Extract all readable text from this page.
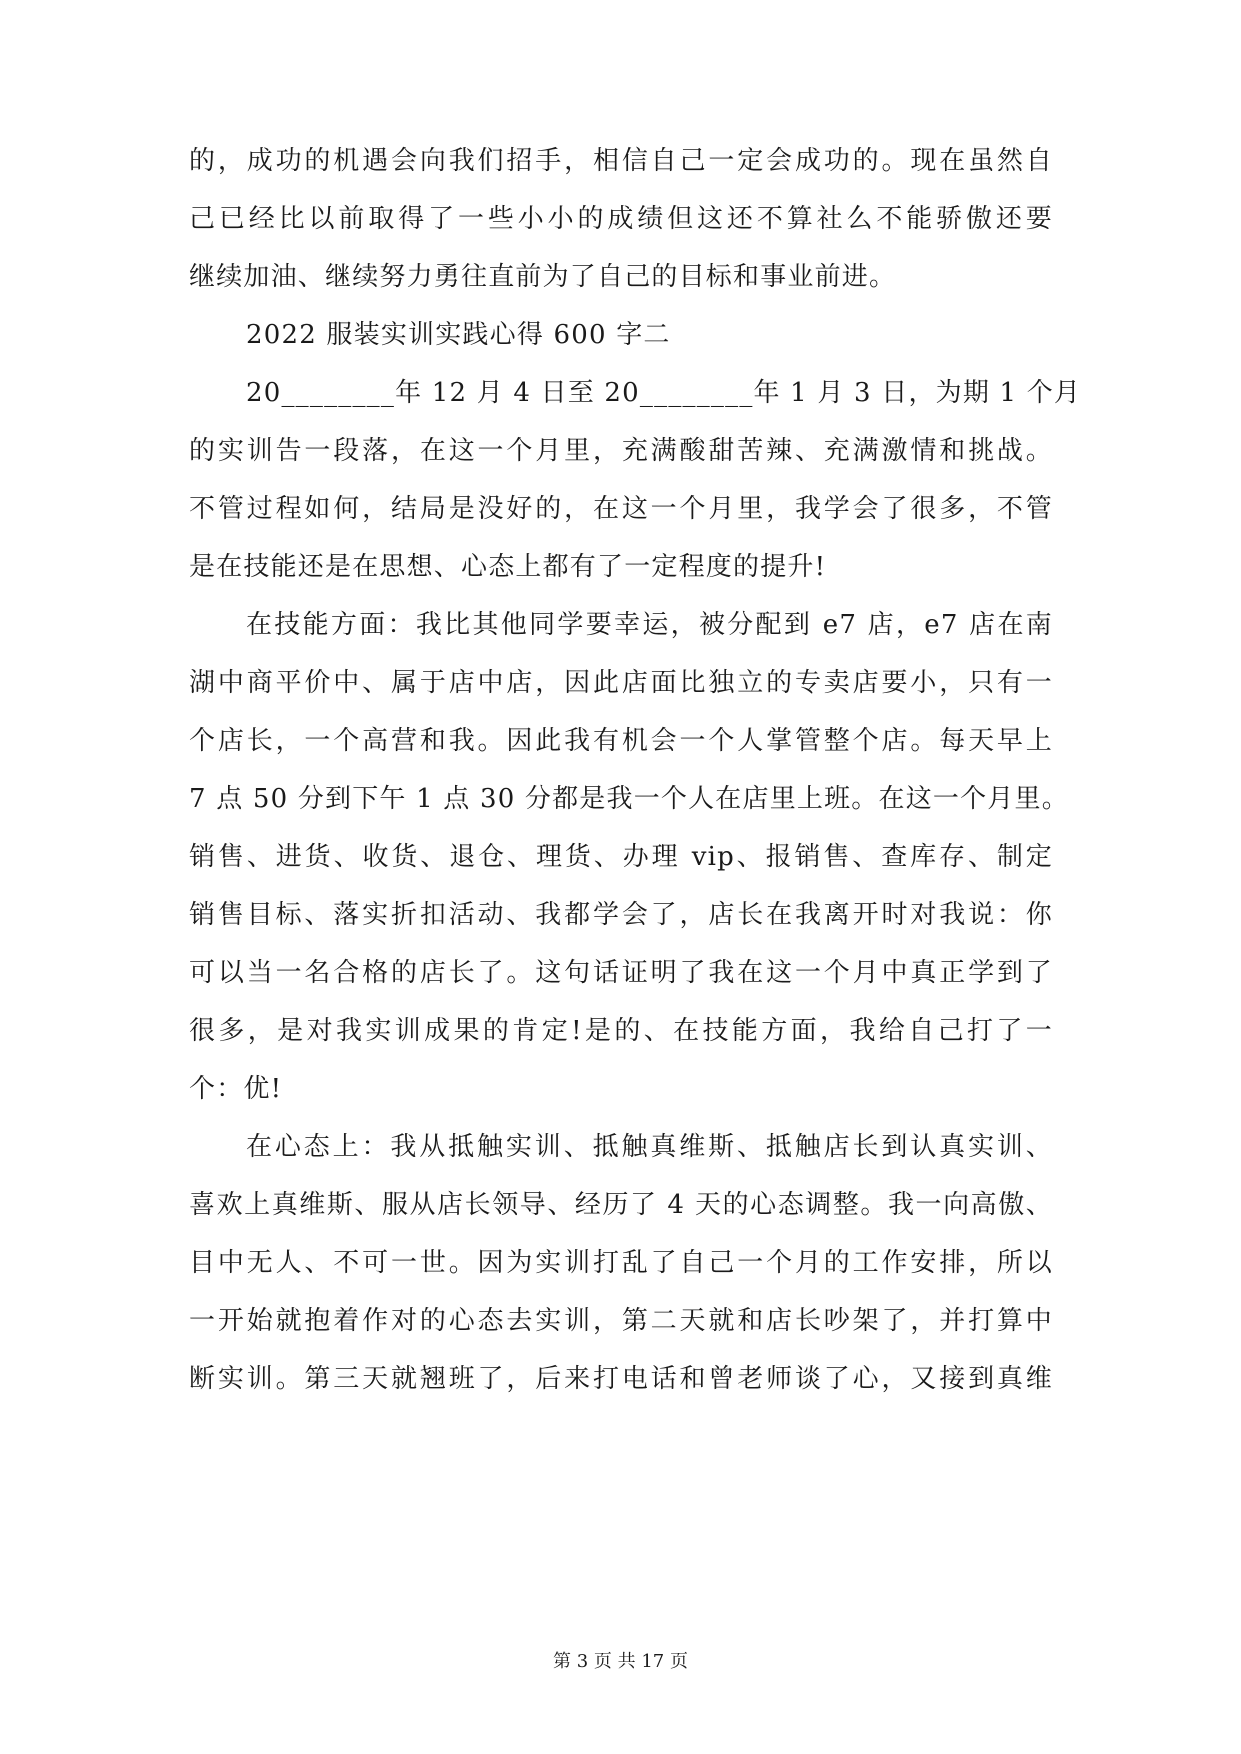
的，成功的机遇会向我们招手，相信自己一定会成功的。现在虽然自
己已经比以前取得了一些小小的成绩但这还不算社么不能骄傲还要
继续加油、继续努力勇往直前为了自己的目标和事业前进。
2022 服装实训实践心得 600 字二
20________年 12 月 4 日至 20________年 1 月 3 日，为期 1 个月
的实训告一段落，在这一个月里，充满酸甜苦辣、充满激情和挑战。
不管过程如何，结局是没好的，在这一个月里，我学会了很多，不管
是在技能还是在思想、心态上都有了一定程度的提升!
在技能方面：我比其他同学要幸运，被分配到 e7 店，e7 店在南
湖中商平价中、属于店中店，因此店面比独立的专卖店要小，只有一
个店长，一个高营和我。因此我有机会一个人掌管整个店。每天早上
7 点 50 分到下午 1 点 30 分都是我一个人在店里上班。在这一个月里。
销售、进货、收货、退仓、理货、办理 vip、报销售、查库存、制定
销售目标、落实折扣活动、我都学会了，店长在我离开时对我说：你
可以当一名合格的店长了。这句话证明了我在这一个月中真正学到了
很多，是对我实训成果的肯定!是的、在技能方面，我给自己打了一
个：优!
在心态上：我从抵触实训、抵触真维斯、抵触店长到认真实训、
喜欢上真维斯、服从店长领导、经历了 4 天的心态调整。我一向高傲、
目中无人、不可一世。因为实训打乱了自己一个月的工作安排，所以
一开始就抱着作对的心态去实训，第二天就和店长吵架了，并打算中
断实训。第三天就翘班了，后来打电话和曾老师谈了心，又接到真维
第 3 页 共 17 页
